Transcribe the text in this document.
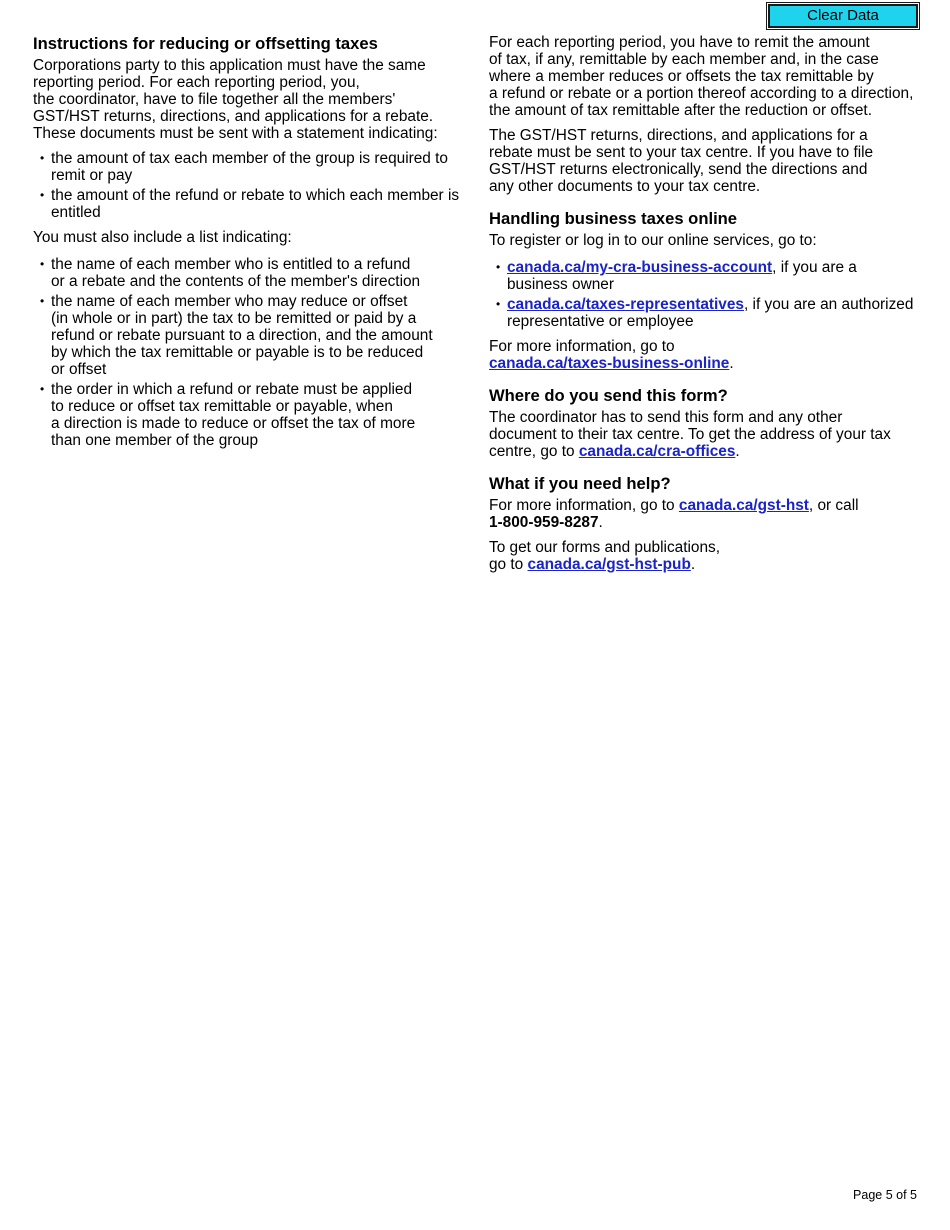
Clear Data
Instructions for reducing or offsetting taxes

Corporations party to this application must have the same
reporting period. For each reporting period, you,
the coordinator, have to file together all the members'
GST/HST returns, directions, and applications for a rebate.
These documents must be sent with a statement indicating:

• the amount of tax each member of the group is required to
remit or pay
• the amount of the refund or rebate to which each member is
entitled

You must also include a list indicating:

• the name of each member who is entitled to a refund
or a rebate and the contents of the member's direction
• the name of each member who may reduce or offset
(in whole or in part) the tax to be remitted or paid by a
refund or rebate pursuant to a direction, and the amount
by which the tax remittable or payable is to be reduced
or offset
• the order in which a refund or rebate must be applied
to reduce or offset tax remittable or payable, when
a direction is made to reduce or offset the tax of more
than one member of the group

For each reporting period, you have to remit the amount
of tax, if any, remittable by each member and, in the case
where a member reduces or offsets the tax remittable by
a refund or rebate or a portion thereof according to a direction,
the amount of tax remittable after the reduction or offset.

The GST/HST returns, directions, and applications for a
rebate must be sent to your tax centre. If you have to file
GST/HST returns electronically, send the directions and
any other documents to your tax centre.

Handling business taxes online

To register or log in to our online services, go to:

• canada.ca/my-cra-business-account, if you are a
business owner
• canada.ca/taxes-representatives, if you are an authorized
representative or employee

For more information, go to
canada.ca/taxes-business-online.

Where do you send this form?

The coordinator has to send this form and any other
document to their tax centre. To get the address of your tax
centre, go to canada.ca/cra-offices.

What if you need help?

For more information, go to canada.ca/gst-hst, or call
1-800-959-8287.

To get our forms and publications,
go to canada.ca/gst-hst-pub.

Page 5 of 5
